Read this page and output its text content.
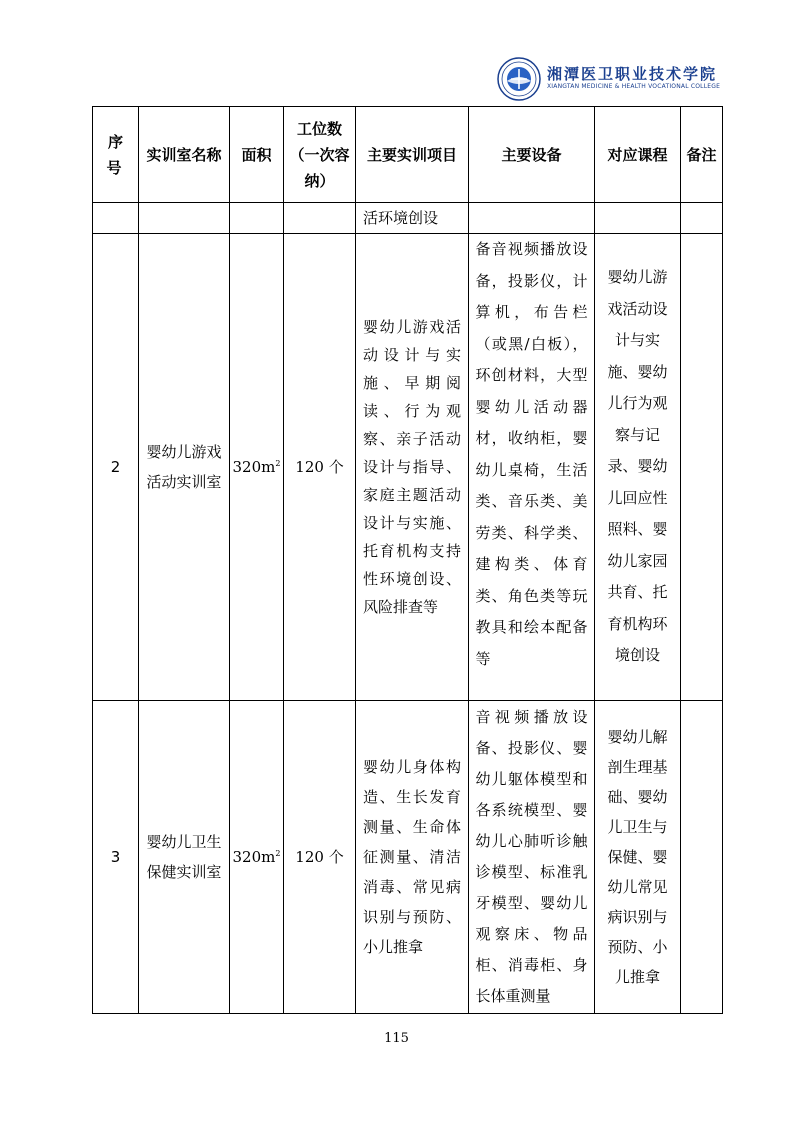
湘潭医卫职业技术学院
XIANGTAN MEDICINE & HEALTH VOCATIONAL COLLEGE
序号	实训室名称	面积	工位数（一次容纳）	主要实训项目	主要设备	对应课程	备注

				活环境创设			

2	婴幼儿游戏活动实训室	$320m^2$	120 个	婴幼儿游戏活动设计与实施、早期阅读、行为观察、亲子活动设计与指导、家庭主题活动设计与实施、托育机构支持性环境创设、风险排查等	备音视频播放设备，投影仪，计算机，布告栏（或黑/白板），环创材料，大型婴幼儿活动器材，收纳柜，婴幼儿桌椅，生活类、音乐类、美劳类、科学类、建构类、体育类、角色类等玩教具和绘本配备等	婴幼儿游戏活动设计与实施、婴幼儿行为观察与记录、婴幼儿回应性照料、婴幼儿家园共育、托育机构环境创设	

3	婴幼儿卫生保健实训室	$320m^2$	120 个	婴幼儿身体构造、生长发育测量、生命体征测量、清洁消毒、常见病识别与预防、小儿推拿	音视频播放设备、投影仪、婴幼儿躯体模型和各系统模型、婴幼儿心肺听诊触诊模型、标准乳牙模型、婴幼儿观察床、物品柜、消毒柜、身长体重测量	婴幼儿解剖生理基础、婴幼儿卫生与保健、婴幼儿常见病识别与预防、小儿推拿	

115
